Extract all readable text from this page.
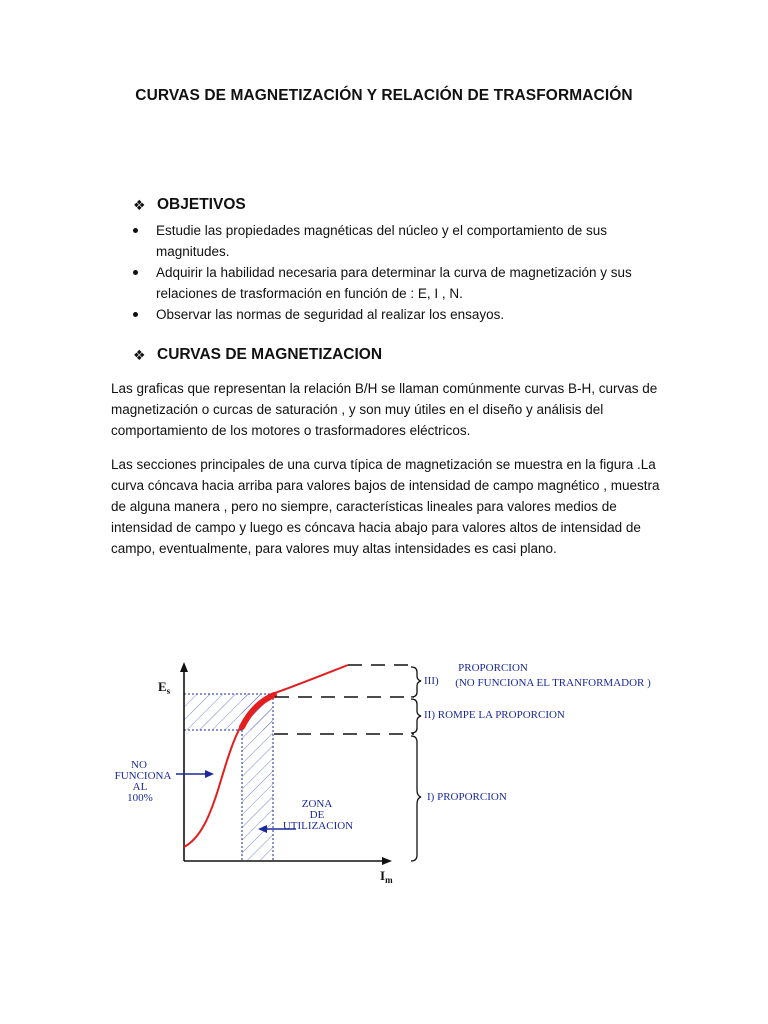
CURVAS DE MAGNETIZACIÓN Y RELACIÓN DE TRASFORMACIÓN
❖ OBJETIVOS
Estudie las propiedades magnéticas del núcleo y el comportamiento de sus magnitudes.
Adquirir la habilidad necesaria para determinar la curva de magnetización y sus relaciones de trasformación en función de : E, I , N.
Observar las normas de seguridad al realizar los ensayos.
❖ CURVAS DE MAGNETIZACION

Las graficas que representan la relación B/H se llaman comúnmente curvas B-H, curvas de magnetización o curcas de saturación , y son muy útiles en el diseño y análisis del comportamiento de los motores o trasformadores eléctricos.

Las secciones principales de una curva típica de magnetización se muestra en la figura .La curva cóncava hacia arriba para valores bajos de intensidad de campo magnético , muestra de alguna manera , pero no siempre, características lineales para valores medios de intensidad de campo y luego es cóncava hacia abajo para valores altos de intensidad de campo, eventualmente, para valores muy altas intensidades es casi plano.

$E_s$
$I_m$
NO
FUNCIONA
AL
100%	ZONA
DE
UTILIZACION
III)
PROPORCION
(NO FUNCIONA EL TRANFORMADOR )
II) ROMPE LA PROPORCION
I) PROPORCION
